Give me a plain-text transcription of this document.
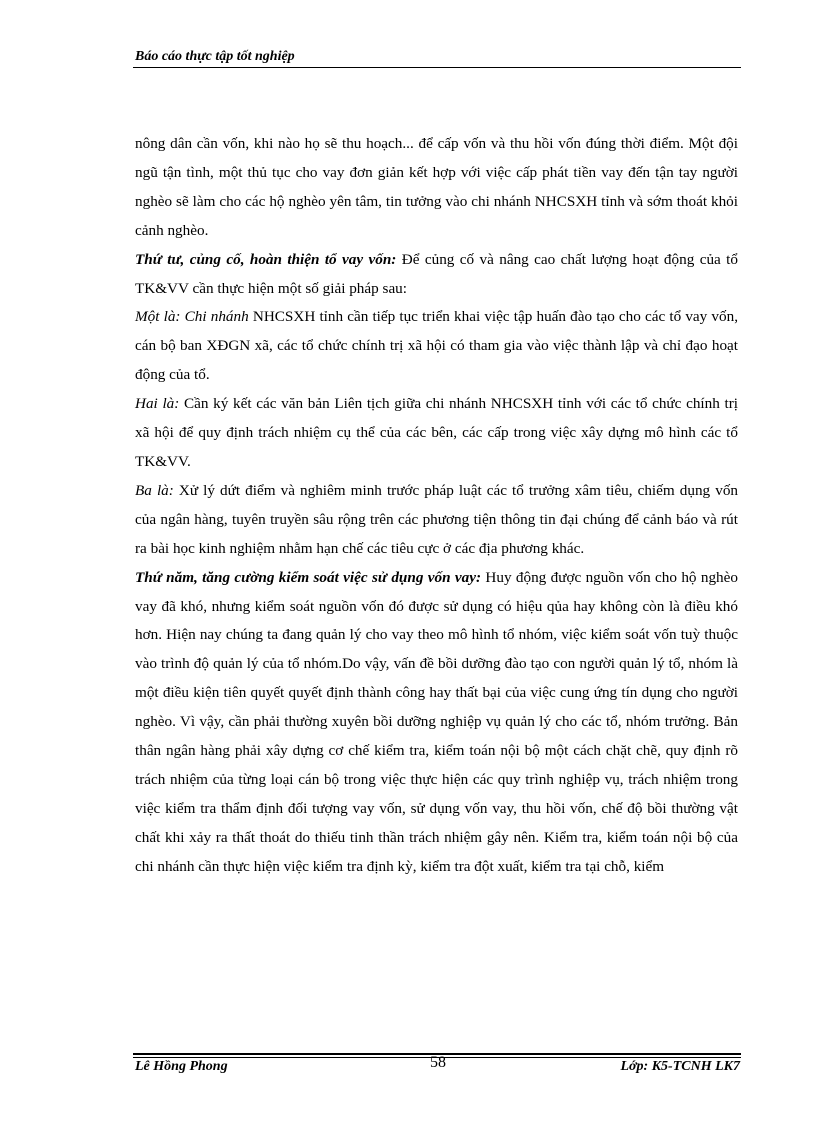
Báo cáo thực tập tốt nghiệp

nông dân cần vốn, khi nào họ sẽ thu hoạch... để cấp vốn và thu hồi vốn đúng thời điểm. Một đội ngũ tận tình, một thủ tục cho vay đơn giản kết hợp với việc cấp phát tiền vay đến tận tay người nghèo sẽ làm cho các hộ nghèo yên tâm, tin tưởng vào chi nhánh NHCSXH tỉnh và sớm thoát khỏi cảnh nghèo.

Thứ tư, củng cố, hoàn thiện tổ vay vốn: Để củng cố và nâng cao chất lượng hoạt động của tổ TK&VV cần thực hiện một số giải pháp sau:

Một là: Chi nhánh NHCSXH tỉnh cần tiếp tục triển khai việc tập huấn đào tạo cho các tổ vay vốn, cán bộ ban XĐGN xã, các tổ chức chính trị xã hội có tham gia vào việc thành lập và chỉ đạo hoạt động của tổ.

Hai là: Cần ký kết các văn bản Liên tịch giữa chi nhánh NHCSXH tỉnh với các tổ chức chính trị xã hội để quy định trách nhiệm cụ thể của các bên, các cấp trong việc xây dựng mô hình các tổ TK&VV.

Ba là: Xử lý dứt điểm và nghiêm minh trước pháp luật các tổ trưởng xâm tiêu, chiếm dụng vốn của ngân hàng, tuyên truyền sâu rộng trên các phương tiện thông tin đại chúng để cảnh báo và rút ra bài học kinh nghiệm nhằm hạn chế các tiêu cực ở các địa phương khác.

Thứ năm, tăng cường kiểm soát việc sử dụng vốn vay: Huy động được nguồn vốn cho hộ nghèo vay đã khó, nhưng kiểm soát nguồn vốn đó được sử dụng có hiệu qủa hay không còn là điều khó hơn. Hiện nay chúng ta đang quản lý cho vay theo mô hình tổ nhóm, việc kiểm soát vốn tuỳ thuộc vào trình độ quản lý của tổ nhóm.Do vậy, vấn đề bồi dưỡng đào tạo con người quản lý tổ, nhóm là một điều kiện tiên quyết quyết định thành công hay thất bại của việc cung ứng tín dụng cho người nghèo. Vì vậy, cần phải thường xuyên bồi dưỡng nghiệp vụ quản lý cho các tổ, nhóm trưởng. Bản thân ngân hàng phải xây dựng cơ chế kiểm tra, kiểm toán nội bộ một cách chặt chẽ, quy định rõ trách nhiệm của từng loại cán bộ trong việc thực hiện các quy trình nghiệp vụ, trách nhiệm trong việc kiểm tra thẩm định đối tượng vay vốn, sử dụng vốn vay, thu hồi vốn, chế độ bồi thường vật chất khi xảy ra thất thoát do thiếu tinh thần trách nhiệm gây nên. Kiểm tra, kiểm toán nội bộ của chi nhánh cần thực hiện việc kiểm tra định kỳ, kiểm tra đột xuất, kiểm tra tại chỗ, kiểm

Lê Hồng Phong	58	Lớp: K5-TCNH LK7
